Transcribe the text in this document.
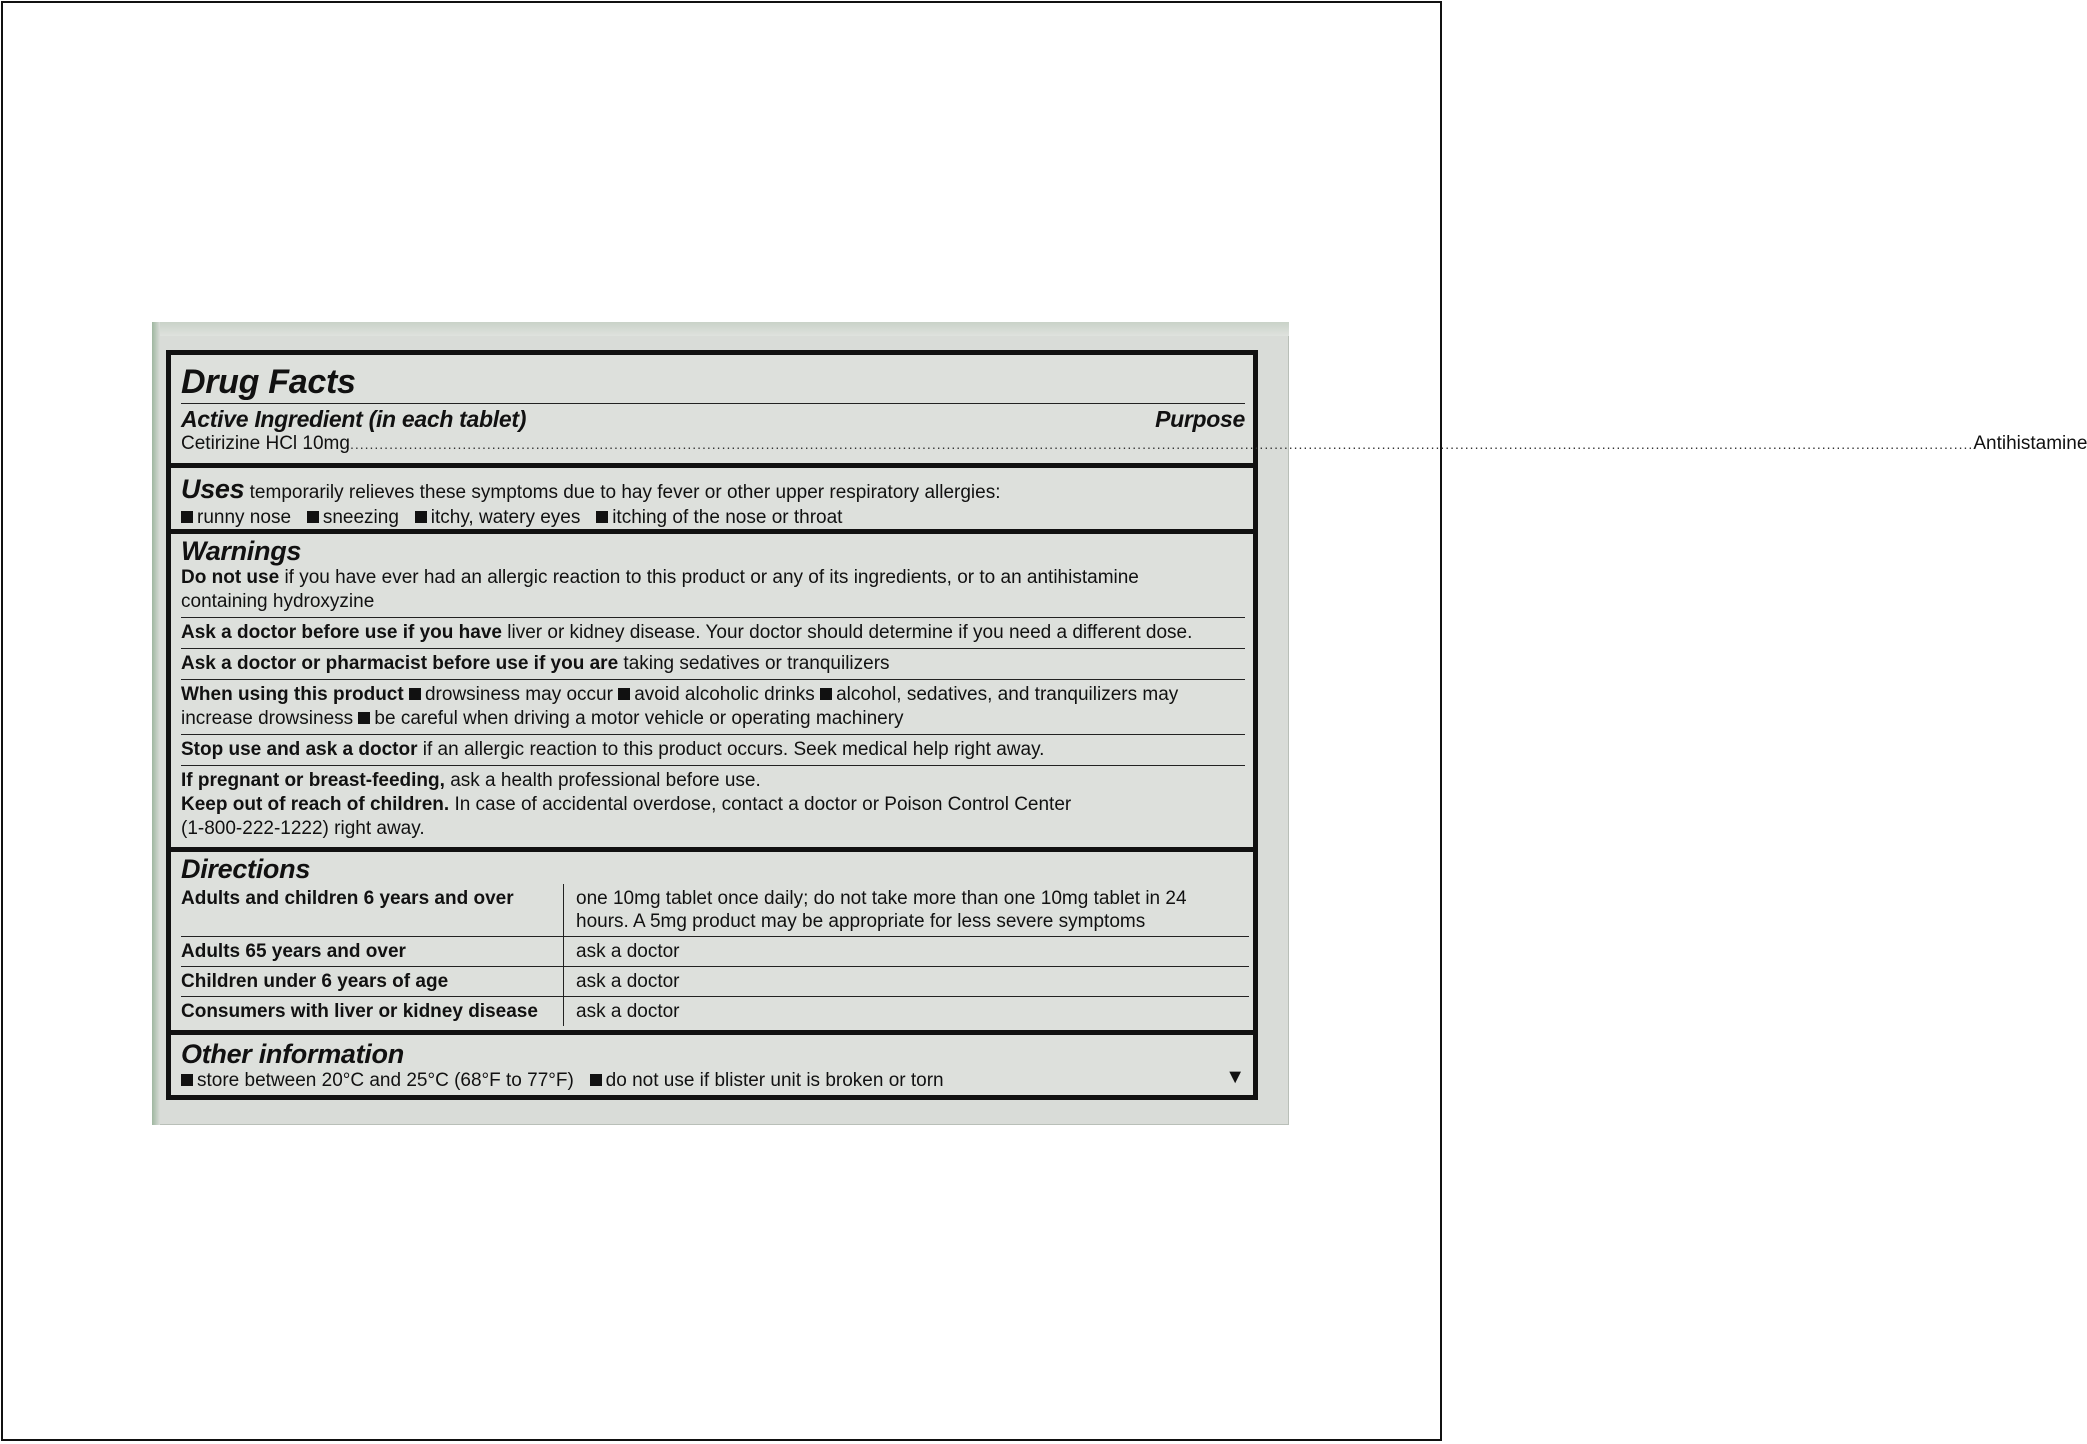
Drug Facts
Active Ingredient (in each tablet)	Purpose
Cetirizine HCl 10mg ............................................................................................................................................................................................................................................................................................................................................ Antihistamine
Uses temporarily relieves these symptoms due to hay fever or other upper respiratory allergies:
runny nose sneezing itchy, watery eyes itching of the nose or throat
Warnings
Do not use if you have ever had an allergic reaction to this product or any of its ingredients, or to an antihistamine
containing hydroxyzine
Ask a doctor before use if you have liver or kidney disease. Your doctor should determine if you need a different dose.
Ask a doctor or pharmacist before use if you are taking sedatives or tranquilizers
When using this product drowsiness may occur avoid alcoholic drinks alcohol, sedatives, and tranquilizers may
increase drowsiness be careful when driving a motor vehicle or operating machinery
Stop use and ask a doctor if an allergic reaction to this product occurs. Seek medical help right away.
If pregnant or breast-feeding, ask a health professional before use.
Keep out of reach of children. In case of accidental overdose, contact a doctor or Poison Control Center
(1-800-222-1222) right away.
Directions
Adults and children 6 years and over	one 10mg tablet once daily; do not take more than one 10mg tablet in 24
hours. A 5mg product may be appropriate for less severe symptoms
Adults 65 years and over	ask a doctor
Children under 6 years of age	ask a doctor
Consumers with liver or kidney disease	ask a doctor
Other information
store between 20°C and 25°C (68°F to 77°F) do not use if blister unit is broken or torn	▼
